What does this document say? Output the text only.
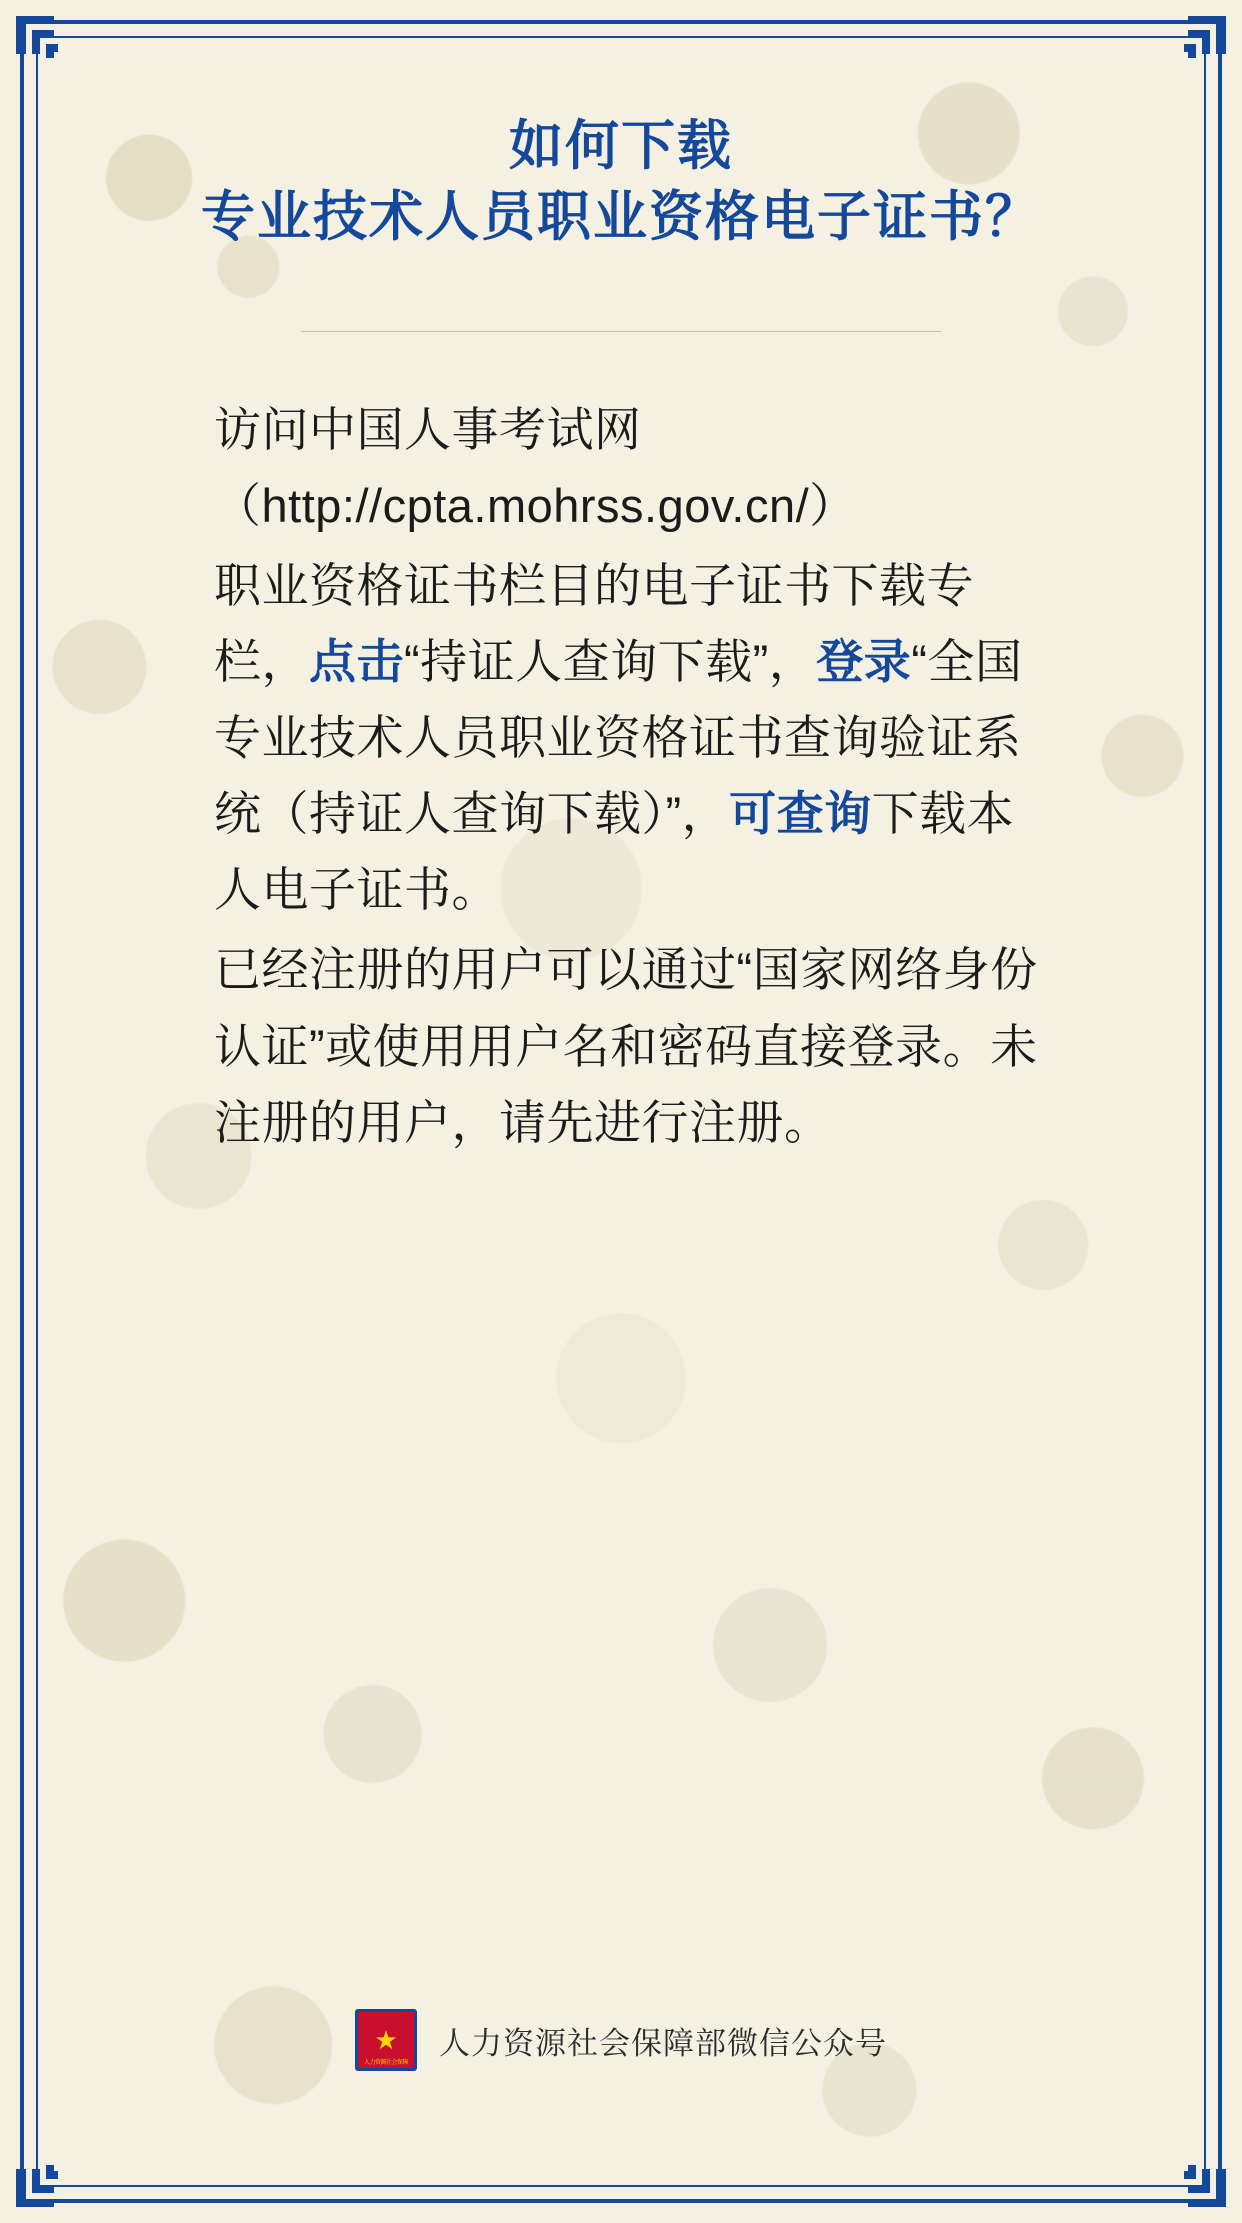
如何下载
专业技术人员职业资格电子证书？

访问中国人事考试网
（http://cpta.mohrss.gov.cn/）

职业资格证书栏目的电子证书下载专栏，点击“持证人查询下载”，登录“全国专业技术人员职业资格证书查询验证系统（持证人查询下载）”，可查询下载本人电子证书。

已经注册的用户可以通过“国家网络身份认证”或使用用户名和密码直接登录。未注册的用户，请先进行注册。

★
人力资源社会保障
人力资源社会保障部微信公众号
